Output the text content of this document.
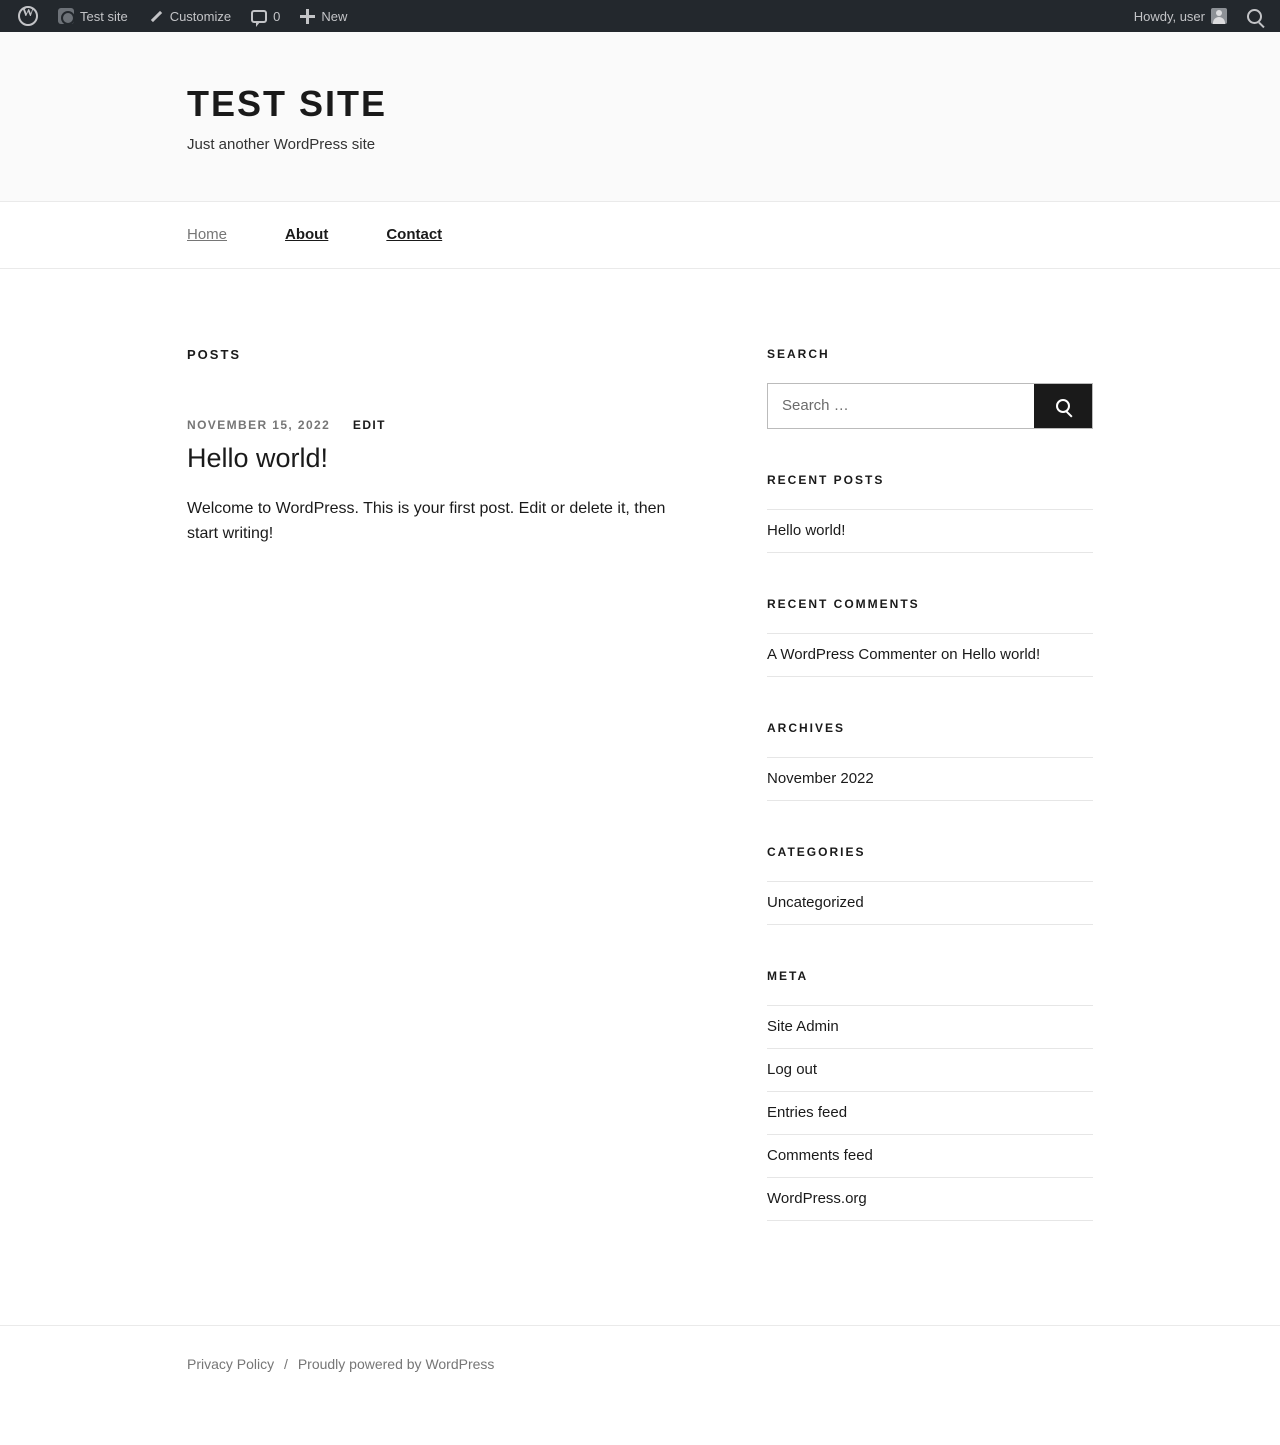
W
Test site	Customize	0	New	Howdy, user
TEST SITE

Just another WordPress site

Home	About	Contact
POSTS
NOVEMBER 15, 2022 EDIT
Hello world!
Welcome to WordPress. This is your first post. Edit or delete it, then start writing!
SEARCH
Search …
RECENT POSTS
Hello world!
RECENT COMMENTS
A WordPress Commenter on Hello world!
ARCHIVES
November 2022
CATEGORIES
Uncategorized
META
Site Admin
Log out
Entries feed
Comments feed
WordPress.org
Privacy Policy / Proudly powered by WordPress
